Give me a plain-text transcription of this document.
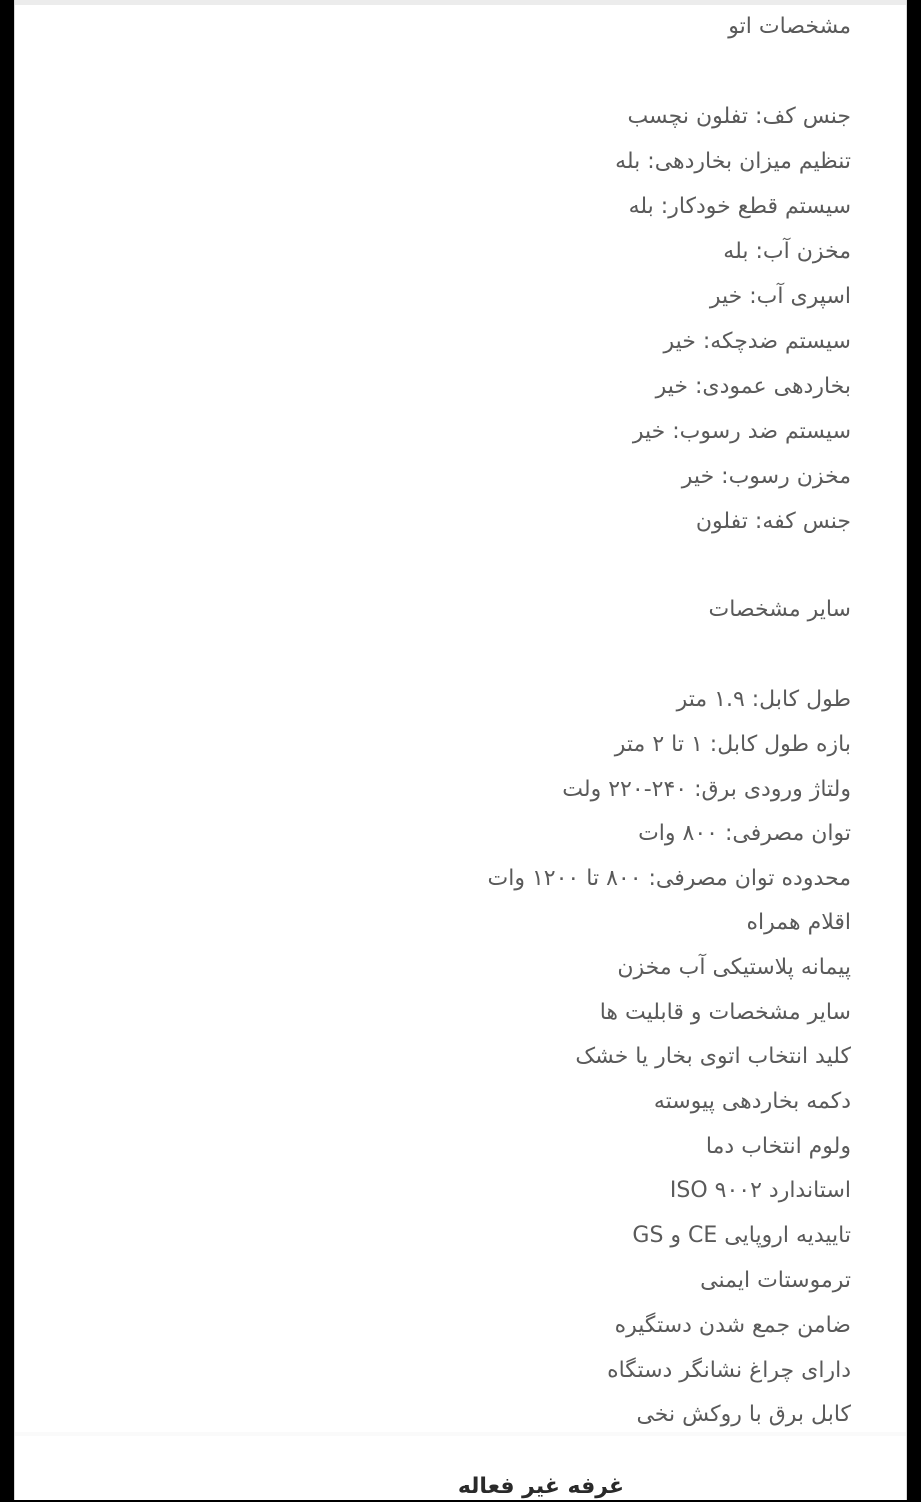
مشخصات اتو
جنس کف: تفلون نچسب
تنظیم میزان بخاردهی: بله
سیستم قطع خودکار: بله
مخزن آب: بله
اسپری آب: خیر
سیستم ضدچکه: خیر
بخاردهی عمودی: خیر
سیستم ضد رسوب: خیر
مخزن رسوب: خیر
جنس کفه: تفلون
سایر مشخصات
طول کابل: ۱.۹ متر
بازه طول کابل: ۱ تا ۲ متر
ولتاژ ورودی برق: ۲۴۰-۲۲۰ ولت
توان مصرفی: ۸۰۰ وات
محدوده توان مصرفی: ۸۰۰ تا ۱۲۰۰ وات
اقلام همراه
پیمانه پلاستیکی آب مخزن
سایر مشخصات و قابلیت ها
کلید انتخاب اتوی بخار یا خشک
دکمه بخاردهی پیوسته
ولوم انتخاب دما
استاندارد ISO ۹۰۰۲
تاییدیه اروپایی CE و GS
ترموستات ایمنی
ضامن جمع شدن دستگیره
دارای چراغ نشانگر دستگاه
کابل برق با روکش نخی
غرفه غیر فعاله
